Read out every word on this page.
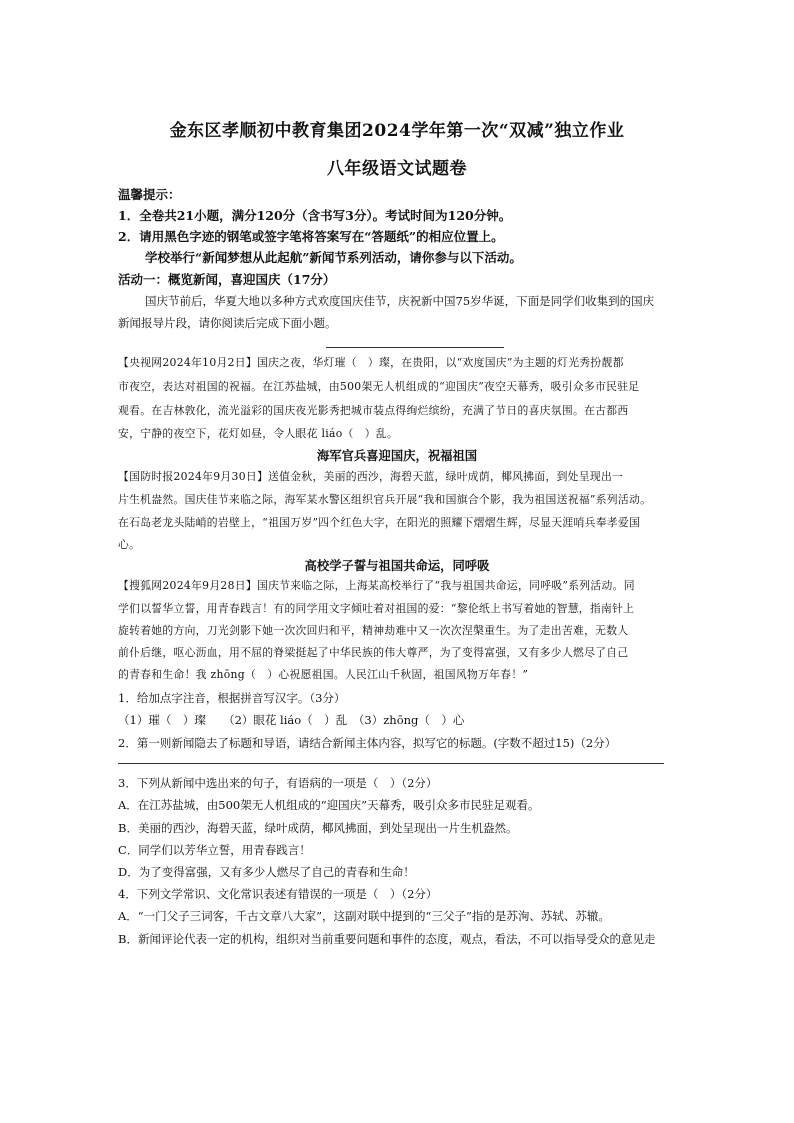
金东区孝顺初中教育集团2024学年第一次“双减”独立作业
八年级语文试题卷
温馨提示：
1．全卷共21小题，满分120分（含书写3分）。考试时间为120分钟。
2．请用黑色字迹的钢笔或签字笔将答案写在“答题纸”的相应位置上。
学校举行“新闻梦想从此起航”新闻节系列活动，请你参与以下活动。
活动一：概览新闻，喜迎国庆（17分）
国庆节前后，华夏大地以多种方式欢度国庆佳节，庆祝新中国75岁华诞，下面是同学们收集到的国庆
新闻报导片段，请你阅读后完成下面小题。
【央视网2024年10月2日】国庆之夜，华灯璀（　）璨，在贵阳，以“欢度国庆”为主题的灯光秀扮靓都
市夜空，表达对祖国的祝福。在江苏盐城，由500架无人机组成的“迎国庆”夜空天幕秀，吸引众多市民驻足
观看。在吉林敦化，流光溢彩的国庆夜光影秀把城市装点得绚烂缤纷，充满了节日的喜庆氛围。在古都西
安，宁静的夜空下，花灯如昼，令人眼花 liáo（　）乱。
海军官兵喜迎国庆，祝福祖国
【国防时报2024年9月30日】送值金秋，美丽的西沙，海碧天蓝，绿叶成荫，椰风拂面，到处呈现出一
片生机盎然。国庆佳节来临之际，海军某水警区组织官兵开展“我和国旗合个影，我为祖国送祝福”系列活动。
在石岛老龙头陆峭的岩壁上，“祖国万岁”四个红色大字，在阳光的照耀下熠熠生辉，尽显天涯哨兵奉孝爱国
心。
高校学子誓与祖国共命运，同呼吸
【搜狐网2024年9月28日】国庆节来临之际，上海某高校举行了“我与祖国共命运，同呼吸”系列活动。同
学们以誓华立誓，用青春践言！有的同学用文字倾吐着对祖国的爱：“黎伦纸上书写着她的智慧，指南针上
旋转着她的方向，刀光剑影下她一次次回归和平，精神劫难中又一次次涅槃重生。为了走出苦难，无数人
前仆后继，呕心沥血，用不屈的脊梁挺起了中华民族的伟大尊严，为了变得富强，又有多少人燃尽了自己
的青春和生命！我 zhōng（　）心祝愿祖国。人民江山千秋固，祖国风物万年春！”
1．给加点字注音，根据拼音写汉字。（3分）
（1）璀（　）璨　　（2）眼花 liáo（　）乱　（3）zhōng（　）心
2．第一则新闻隐去了标题和导语，请结合新闻主体内容，拟写它的标题。(字数不超过15)（2分）
3．下列从新闻中选出来的句子，有语病的一项是（　）（2分）
A．在江苏盐城，由500架无人机组成的“迎国庆”天幕秀，吸引众多市民驻足观看。
B．美丽的西沙，海碧天蓝，绿叶成荫，椰风拂面，到处呈现出一片生机盎然。
C．同学们以芳华立誓，用青春践言！
D．为了变得富强，又有多少人燃尽了自己的青春和生命！
4．下列文学常识、文化常识表述有错误的一项是（　）（2分）
A．“一门父子三词客，千古文章八大家”，这副对联中提到的“三父子”指的是苏洵、苏轼、苏辙。
B．新闻评论代表一定的机构，组织对当前重要问题和事件的态度，观点，看法，不可以指导受众的意见走
